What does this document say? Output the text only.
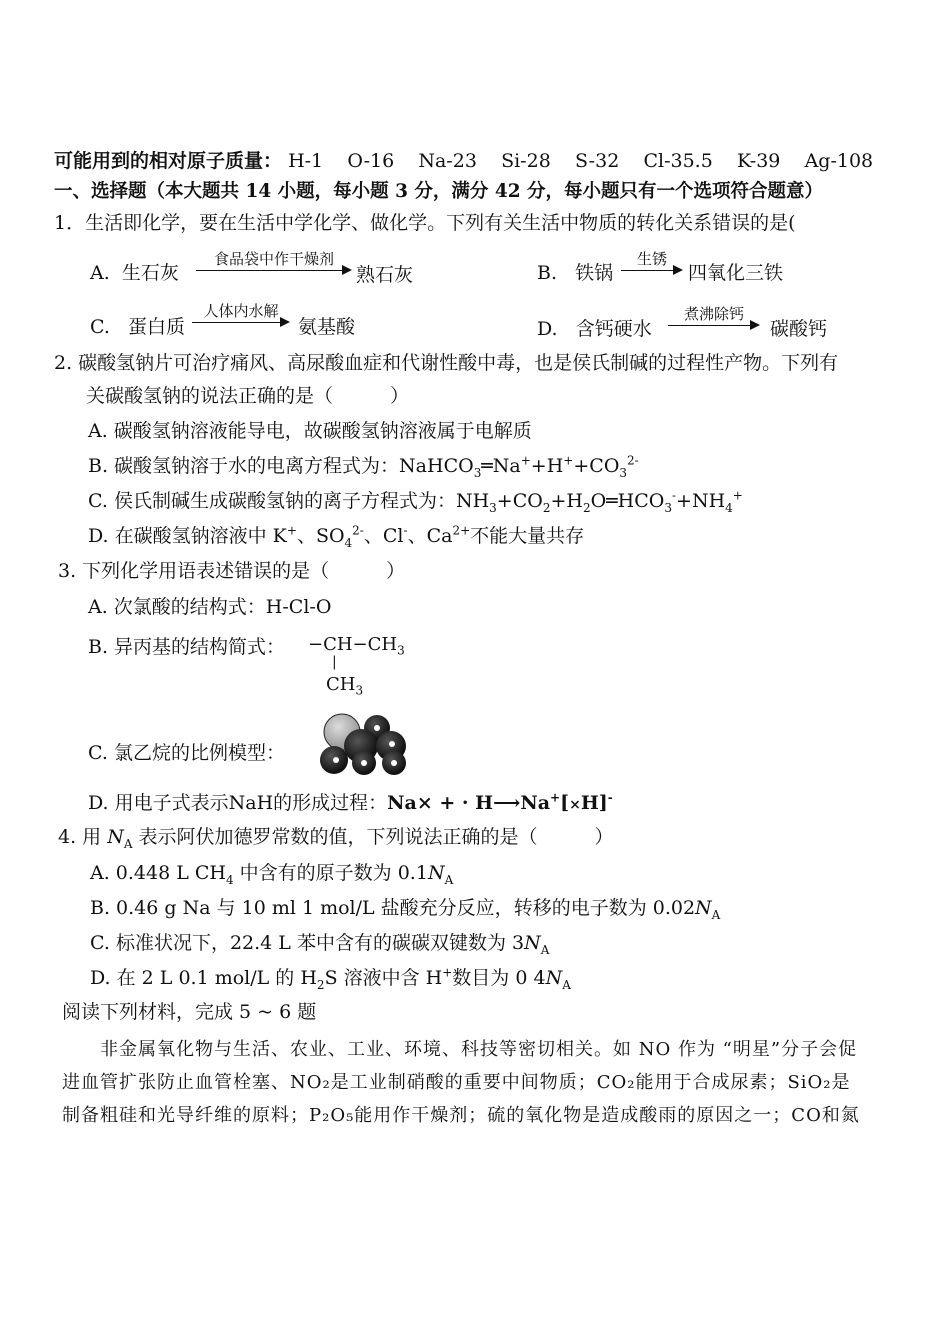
可能用到的相对原子质量： H-1 O-16 Na-23 Si-28 S-32 Cl-35.5 K-39 Ag-108
一、选择题（本大题共 14 小题，每小题 3 分，满分 42 分，每小题只有一个选项符合题意）
1．生活即化学，要在生活中学化学、做化学。下列有关生活中物质的转化关系错误的是(
A. 生石灰
食品袋中作干燥剂
熟石灰	B. 铁锅
生锈
四氧化三铁
C. 蛋白质
人体内水解
氨基酸	D. 含钙硬水
煮沸除钙
碳酸钙
2. 碳酸氢钠片可治疗痛风、高尿酸血症和代谢性酸中毒，也是侯氏制碱的过程性产物。下列有
关碳酸氢钠的说法正确的是（　　　）
A. 碳酸氢钠溶液能导电，故碳酸氢钠溶液属于电解质
B. 碳酸氢钠溶于水的电离方程式为：$NaHCO_3═Na^++H^++CO_3^{2-}$
C. 侯氏制碱生成碳酸氢钠的离子方程式为：$NH_3+CO_2+H_2O═HCO_3^-+NH_4^+$
D. 在碳酸氢钠溶液中 K+、$SO_4^{2-}$、Cl-、$Ca^{2+}$不能大量共存
3. 下列化学用语表述错误的是（　　　）
A. 次氯酸的结构式：H-Cl-O
B. 异丙基的结构简式： $-CH-CH_3$
|
$CH_3$
C. 氯乙烷的比例模型：
D. 用电子式表示NaH的形成过程：Na× + · H⟶Na+[×H]-
4. 用 $N_A$ 表示阿伏加德罗常数的值，下列说法正确的是（　　　）
A. 0.448 L $CH_4$ 中含有的原子数为 $0.1N_A$
B. 0.46 g Na 与 10 ml 1 mol/L 盐酸充分反应，转移的电子数为 $0.02N_A$
C. 标准状况下，22.4 L 苯中含有的碳碳双键数为 $3N_A$
D. 在 2 L 0.1 mol/L 的 $H_2S$ 溶液中含 H+数目为 0 $4N_A$
阅读下列材料，完成 5 ~ 6 题
非金属氧化物与生活、农业、工业、环境、科技等密切相关。如 NO 作为 “明星”分子会促
进血管扩张防止血管栓塞、NO₂是工业制硝酸的重要中间物质；CO₂能用于合成尿素；SiO₂是
制备粗硅和光导纤维的原料；P₂O₅能用作干燥剂；硫的氧化物是造成酸雨的原因之一；CO和氮
